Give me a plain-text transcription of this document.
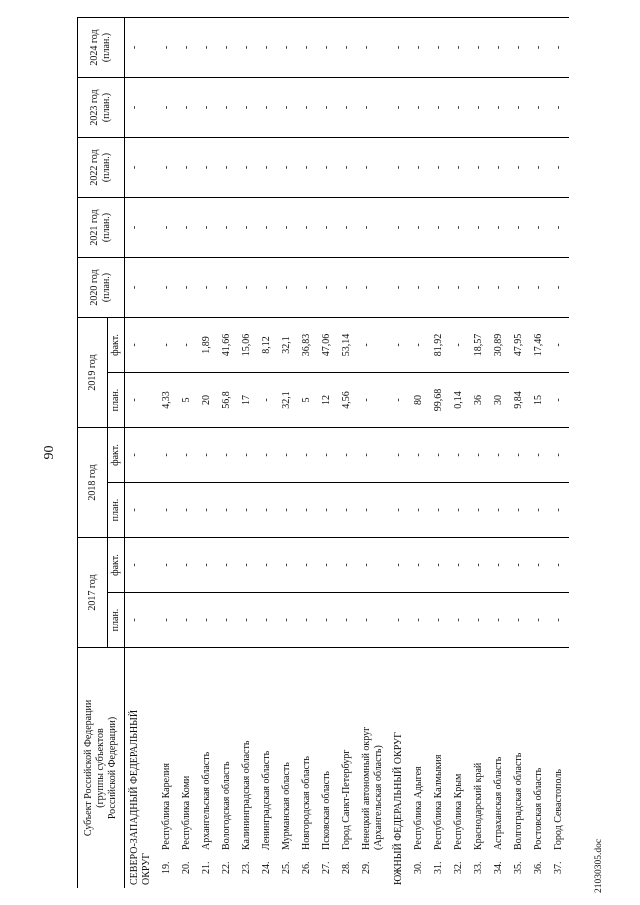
90
Субъект Российской Федерации (группы субъектов Российской Федерации)
2017 год
план.
факт.
2018 год
план.
факт.
2019 год
план.
факт.
2020 год (план.)
2021 год (план.)
2022 год (план.)
2023 год (план.)
2024 год (план.)
СЕВЕРО-ЗАПАДНЫЙ ФЕДЕРАЛЬНЫЙ ОКРУГ
-
-
-
-
-
-
-
-
-
-
-
19.
Республика Карелия
-
-
-
-
4,33
-
-
-
-
-
-
20.
Республика Коми
-
-
-
-
5
-
-
-
-
-
-
21.
Архангельская область
-
-
-
-
20
1,89
-
-
-
-
-
22.
Вологодская область
-
-
-
-
56,8
41,66
-
-
-
-
-
23.
Калининградская область
-
-
-
-
17
15,06
-
-
-
-
-
24.
Ленинградская область
-
-
-
-
-
8,12
-
-
-
-
-
25.
Мурманская область
-
-
-
-
32,1
32,1
-
-
-
-
-
26.
Новгородская область
-
-
-
-
5
36,83
-
-
-
-
-
27.
Псковская область
-
-
-
-
12
47,06
-
-
-
-
-
28.
Город Санкт-Петербург
-
-
-
-
4,56
53,14
-
-
-
-
-
29.
Ненецкий автономный округ (Архангельская область)
-
-
-
-
-
-
-
-
-
-
-
ЮЖНЫЙ ФЕДЕРАЛЬНЫЙ ОКРУГ
-
-
-
-
-
-
-
-
-
-
-
30.
Республика Адыгея
-
-
-
-
80
-
-
-
-
-
-
31.
Республика Калмыкия
-
-
-
-
99,68
81,92
-
-
-
-
-
32.
Республика Крым
-
-
-
-
0,14
-
-
-
-
-
-
33.
Краснодарский край
-
-
-
-
36
18,57
-
-
-
-
-
34.
Астраханская область
-
-
-
-
30
30,89
-
-
-
-
-
35.
Волгоградская область
-
-
-
-
9,84
47,95
-
-
-
-
-
36.
Ростовская область
-
-
-
-
15
17,46
-
-
-
-
-
37.
Город Севастополь
-
-
-
-
-
-
-
-
-
-
-
21030305.doc
